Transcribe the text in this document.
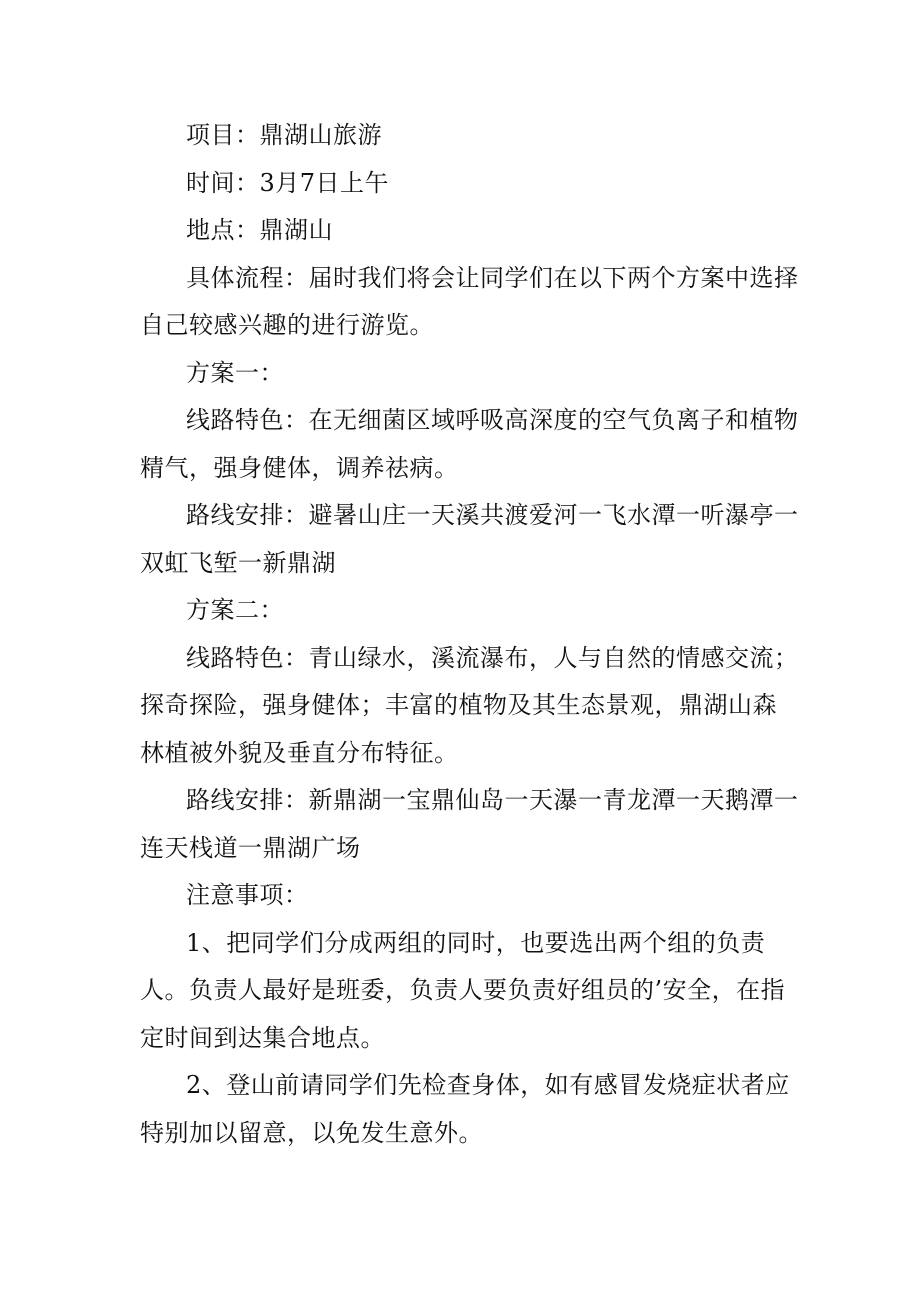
项目：鼎湖山旅游

时间：3月7日上午

地点：鼎湖山

具体流程：届时我们将会让同学们在以下两个方案中选择自己较感兴趣的进行游览。

方案一：

线路特色：在无细菌区域呼吸高深度的空气负离子和植物精气，强身健体，调养祛病。

路线安排：避暑山庄一天溪共渡爱河一飞水潭一听瀑亭一双虹飞堑一新鼎湖

方案二：

线路特色：青山绿水，溪流瀑布，人与自然的情感交流；探奇探险，强身健体；丰富的植物及其生态景观，鼎湖山森林植被外貌及垂直分布特征。

路线安排：新鼎湖一宝鼎仙岛一天瀑一青龙潭一天鹅潭一连天栈道一鼎湖广场

注意事项：

1、把同学们分成两组的同时，也要选出两个组的负责人。负责人最好是班委，负责人要负责好组员的’安全，在指定时间到达集合地点。

2、登山前请同学们先检查身体，如有感冒发烧症状者应特别加以留意，以免发生意外。
